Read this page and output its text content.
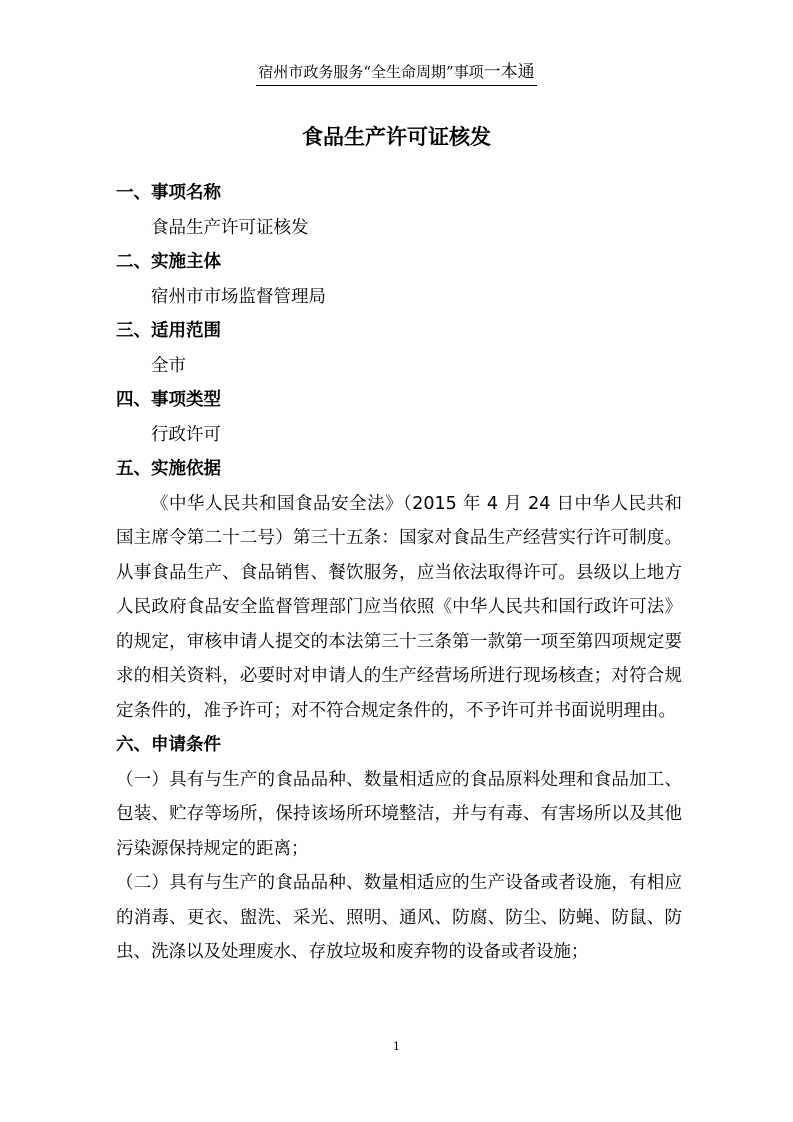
宿州市政务服务“全生命周期”事项一本通
食品生产许可证核发

一、事项名称

食品生产许可证核发

二、实施主体

宿州市市场监督管理局

三、适用范围

全市

四、事项类型

行政许可

五、实施依据

《中华人民共和国食品安全法》（2015 年 4 月 24 日中华人民共和国主席令第二十二号）第三十五条：国家对食品生产经营实行许可制度。从事食品生产、食品销售、餐饮服务，应当依法取得许可。县级以上地方人民政府食品安全监督管理部门应当依照《中华人民共和国行政许可法》的规定，审核申请人提交的本法第三十三条第一款第一项至第四项规定要求的相关资料，必要时对申请人的生产经营场所进行现场核查；对符合规定条件的，准予许可；对不符合规定条件的，不予许可并书面说明理由。

六、申请条件

（一）具有与生产的食品品种、数量相适应的食品原料处理和食品加工、包装、贮存等场所，保持该场所环境整洁，并与有毒、有害场所以及其他污染源保持规定的距离；

（二）具有与生产的食品品种、数量相适应的生产设备或者设施，有相应的消毒、更衣、盥洗、采光、照明、通风、防腐、防尘、防蝇、防鼠、防虫、洗涤以及处理废水、存放垃圾和废弃物的设备或者设施；

1
